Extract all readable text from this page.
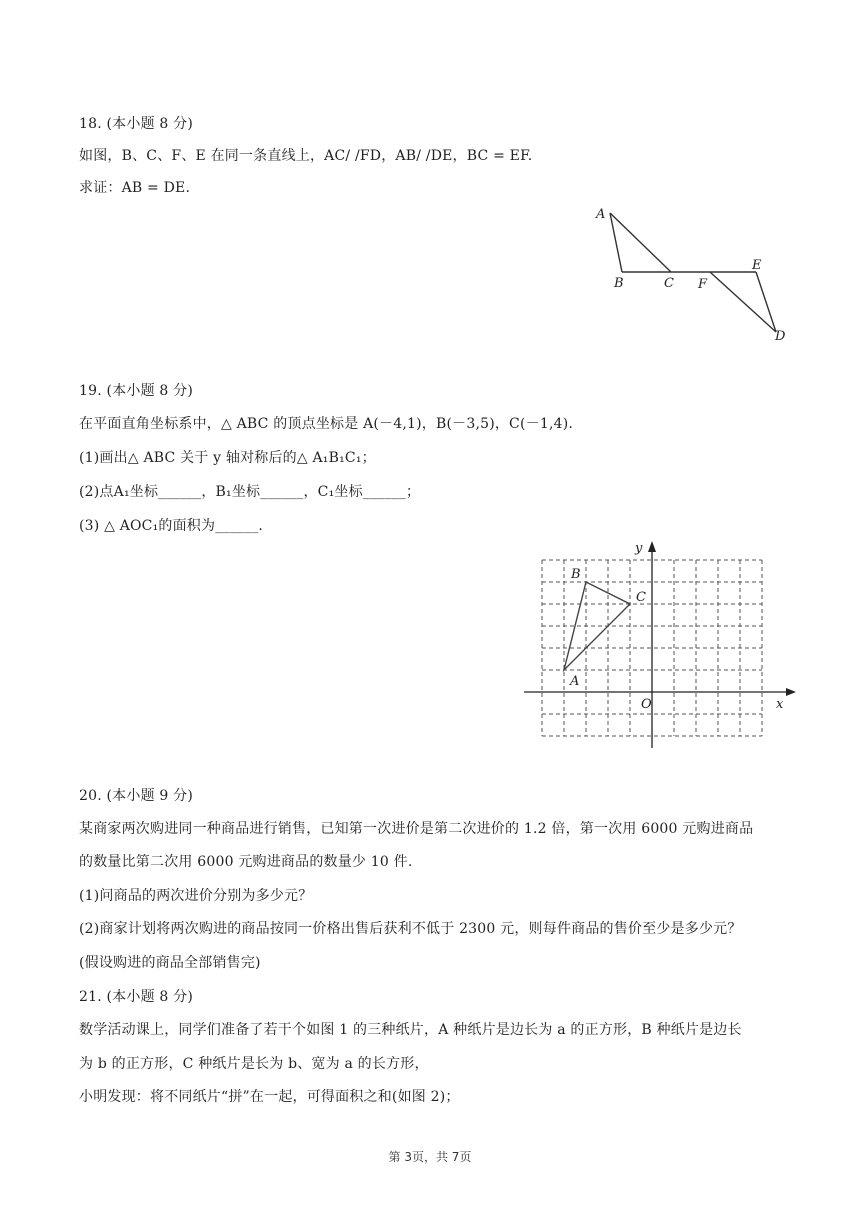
18. (本小题 8 分)
如图，B、C、F、E 在同一条直线上，AC/ /FD，AB/ /DE，BC = EF.
求证：AB = DE.
A
B	C F
E
D
19. (本小题 8 分)
在平面直角坐标系中，△ ABC 的顶点坐标是 A(－4,1)，B(－3,5)，C(－1,4).
(1)画出△ ABC 关于 y 轴对称后的△ A₁B₁C₁；
(2)点A₁坐标______，B₁坐标______，C₁坐标______；
(3) △ AOC₁的面积为______.
B
C
A
O	x
y
20. (本小题 9 分)
某商家两次购进同一种商品进行销售，已知第一次进价是第二次进价的 1.2 倍，第一次用 6000 元购进商品
的数量比第二次用 6000 元购进商品的数量少 10 件.
(1)问商品的两次进价分别为多少元？
(2)商家计划将两次购进的商品按同一价格出售后获利不低于 2300 元，则每件商品的售价至少是多少元？
(假设购进的商品全部销售完)
21. (本小题 8 分)
数学活动课上，同学们准备了若干个如图 1 的三种纸片，A 种纸片是边长为 a 的正方形，B 种纸片是边长
为 b 的正方形，C 种纸片是长为 b、宽为 a 的长方形，
小明发现：将不同纸片“拼”在一起，可得面积之和(如图 2)；
第 3页，共 7页
